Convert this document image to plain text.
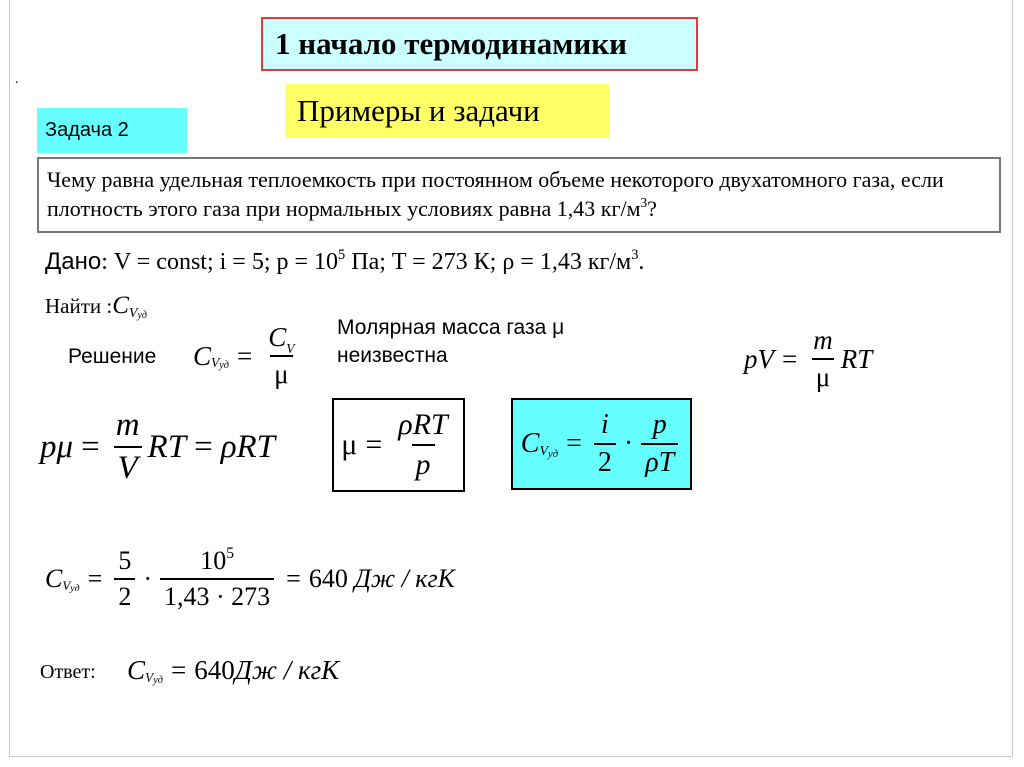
1 начало термодинамики
.
Примеры и задачи
Задача 2
Чему равна удельная теплоемкость при постоянном объеме некоторого двухатомного газа, если плотность этого газа при нормальных условиях равна 1,43 $кг/м^3$?
Дано: V = const; i = 5; $p = 10^5$ Па; T = 273 К; ρ = 1,43 $кг/м^3$.
Найти : C V уд
Молярная масса газа μ
неизвестна
Решение C V уд = $\frac{C_V}{\mu}$	pV = $\frac{m}{\mu}$ RT
$p\mu = \frac{m}{V}$ RT = ρRT $\mu = \frac{\text{ρRT}}{p}$ C V уд = $\frac{i}{2} \cdot \frac{p}{\rho T}$
C V уд = $\frac{5}{2} \cdot \frac{10^5}{1,43 \cdot 273} = 640$
Дж / кгК
Ответ: C V уд = 640 Дж / кгК
